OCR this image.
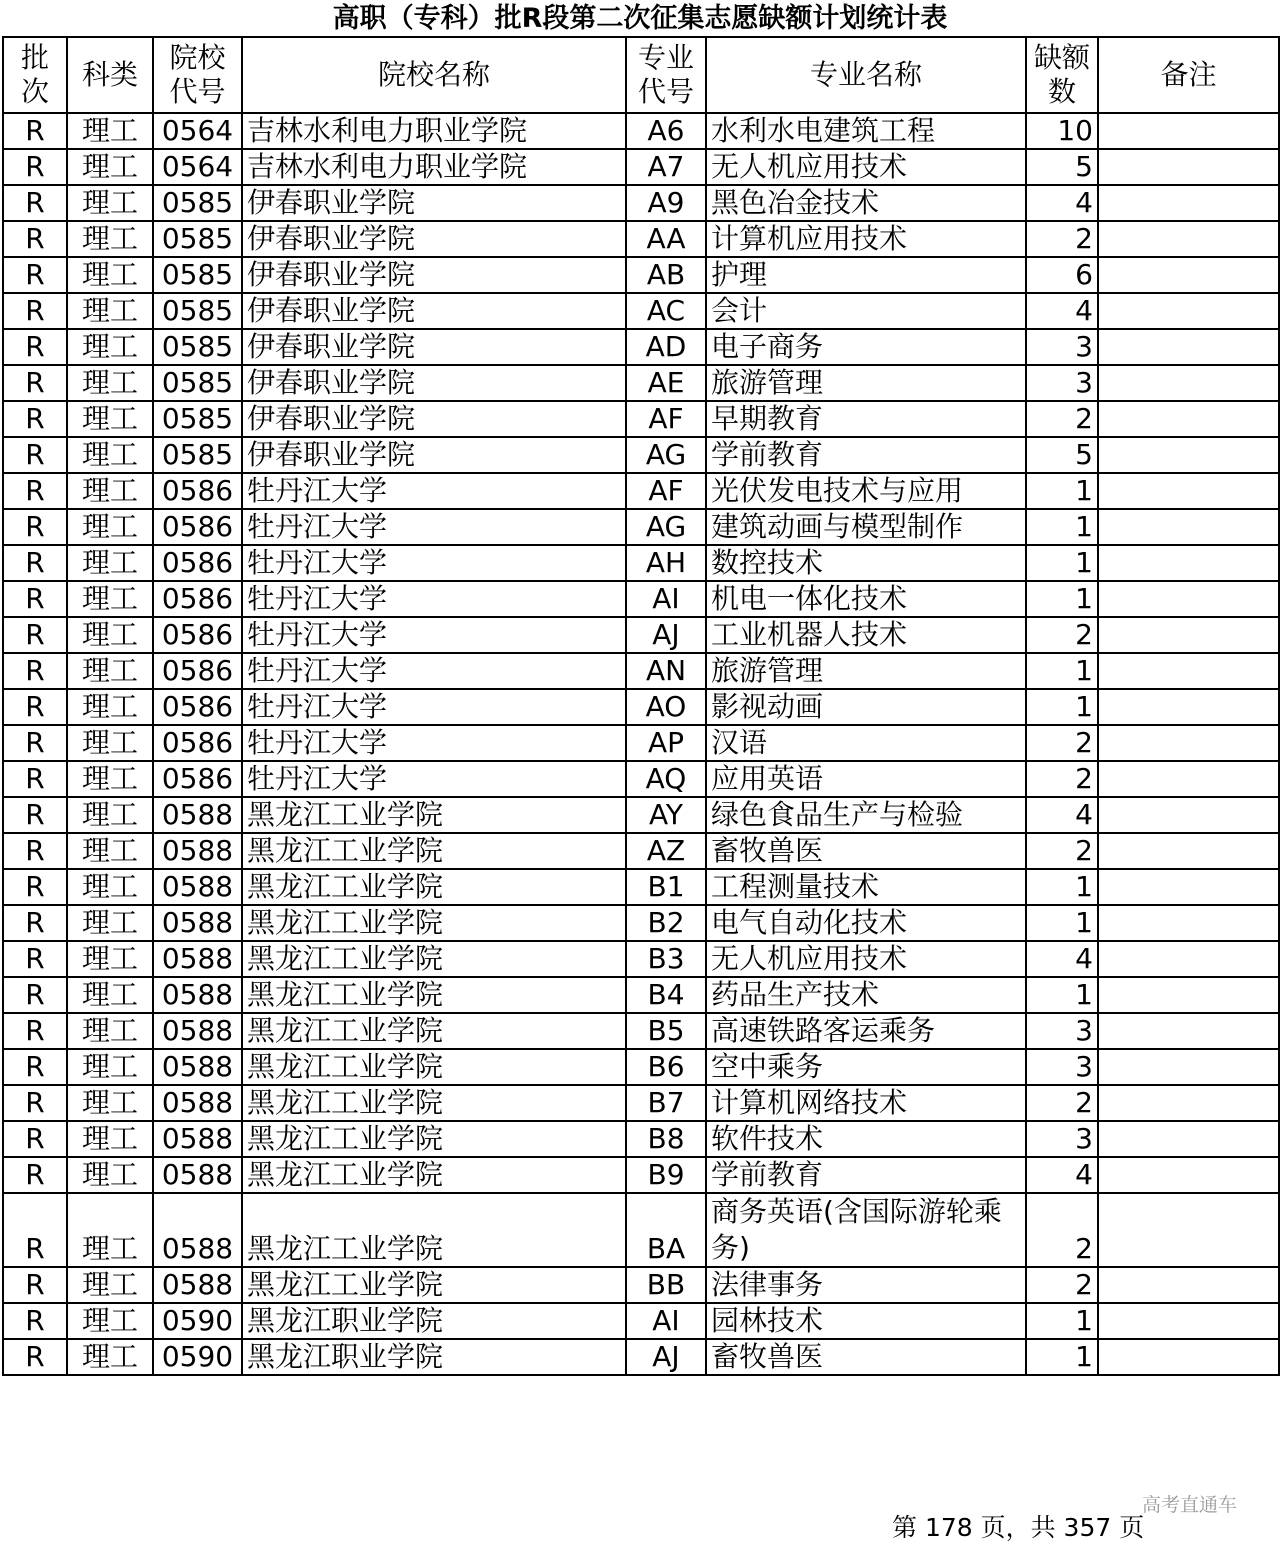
高职（专科）批R段第二次征集志愿缺额计划统计表
批次	科类	院校代号	院校名称	专业代号	专业名称	缺额数	备注
R	理工	0564	吉林水利电力职业学院	A6	水利水电建筑工程	10	
R	理工	0564	吉林水利电力职业学院	A7	无人机应用技术	5	
R	理工	0585	伊春职业学院	A9	黑色冶金技术	4	
R	理工	0585	伊春职业学院	AA	计算机应用技术	2	
R	理工	0585	伊春职业学院	AB	护理	6	
R	理工	0585	伊春职业学院	AC	会计	4	
R	理工	0585	伊春职业学院	AD	电子商务	3	
R	理工	0585	伊春职业学院	AE	旅游管理	3	
R	理工	0585	伊春职业学院	AF	早期教育	2	
R	理工	0585	伊春职业学院	AG	学前教育	5	
R	理工	0586	牡丹江大学	AF	光伏发电技术与应用	1	
R	理工	0586	牡丹江大学	AG	建筑动画与模型制作	1	
R	理工	0586	牡丹江大学	AH	数控技术	1	
R	理工	0586	牡丹江大学	AI	机电一体化技术	1	
R	理工	0586	牡丹江大学	AJ	工业机器人技术	2	
R	理工	0586	牡丹江大学	AN	旅游管理	1	
R	理工	0586	牡丹江大学	AO	影视动画	1	
R	理工	0586	牡丹江大学	AP	汉语	2	
R	理工	0586	牡丹江大学	AQ	应用英语	2	
R	理工	0588	黑龙江工业学院	AY	绿色食品生产与检验	4	
R	理工	0588	黑龙江工业学院	AZ	畜牧兽医	2	
R	理工	0588	黑龙江工业学院	B1	工程测量技术	1	
R	理工	0588	黑龙江工业学院	B2	电气自动化技术	1	
R	理工	0588	黑龙江工业学院	B3	无人机应用技术	4	
R	理工	0588	黑龙江工业学院	B4	药品生产技术	1	
R	理工	0588	黑龙江工业学院	B5	高速铁路客运乘务	3	
R	理工	0588	黑龙江工业学院	B6	空中乘务	3	
R	理工	0588	黑龙江工业学院	B7	计算机网络技术	2	
R	理工	0588	黑龙江工业学院	B8	软件技术	3	
R	理工	0588	黑龙江工业学院	B9	学前教育	4	
R	理工	0588	黑龙江工业学院	BA	商务英语(含国际游轮乘务)	2	
R	理工	0588	黑龙江工业学院	BB	法律事务	2	
R	理工	0590	黑龙江职业学院	AI	园林技术	1	
R	理工	0590	黑龙江职业学院	AJ	畜牧兽医	1	
高考直通车
第 178 页，共 357 页
